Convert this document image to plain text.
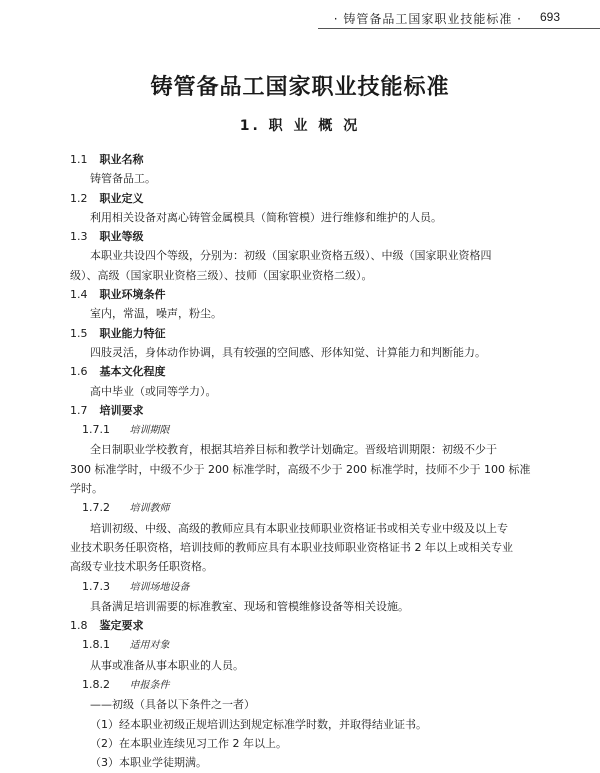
· 铸管备品工国家职业技能标准 · 693
铸管备品工国家职业技能标准
1. 职 业 概 况

1.1 职业名称

铸管备品工。

1.2 职业定义

利用相关设备对离心铸管金属模具（简称管模）进行维修和维护的人员。

1.3 职业等级

本职业共设四个等级，分别为：初级（国家职业资格五级）、中级（国家职业资格四

级）、高级（国家职业资格三级）、技师（国家职业资格二级）。

1.4 职业环境条件

室内，常温，噪声，粉尘。

1.5 职业能力特征

四肢灵活，身体动作协调，具有较强的空间感、形体知觉、计算能力和判断能力。

1.6 基本文化程度

高中毕业（或同等学力）。

1.7 培训要求

1.7.1 培训期限

全日制职业学校教育，根据其培养目标和教学计划确定。晋级培训期限：初级不少于

300 标准学时，中级不少于 200 标准学时，高级不少于 200 标准学时，技师不少于 100 标准

学时。

1.7.2 培训教师

培训初级、中级、高级的教师应具有本职业技师职业资格证书或相关专业中级及以上专

业技术职务任职资格，培训技师的教师应具有本职业技师职业资格证书 2 年以上或相关专业

高级专业技术职务任职资格。

1.7.3 培训场地设备

具备满足培训需要的标准教室、现场和管模维修设备等相关设施。

1.8 鉴定要求

1.8.1 适用对象

从事或准备从事本职业的人员。

1.8.2 申报条件

——初级（具备以下条件之一者）

（1）经本职业初级正规培训达到规定标准学时数，并取得结业证书。

（2）在本职业连续见习工作 2 年以上。

（3）本职业学徒期满。
